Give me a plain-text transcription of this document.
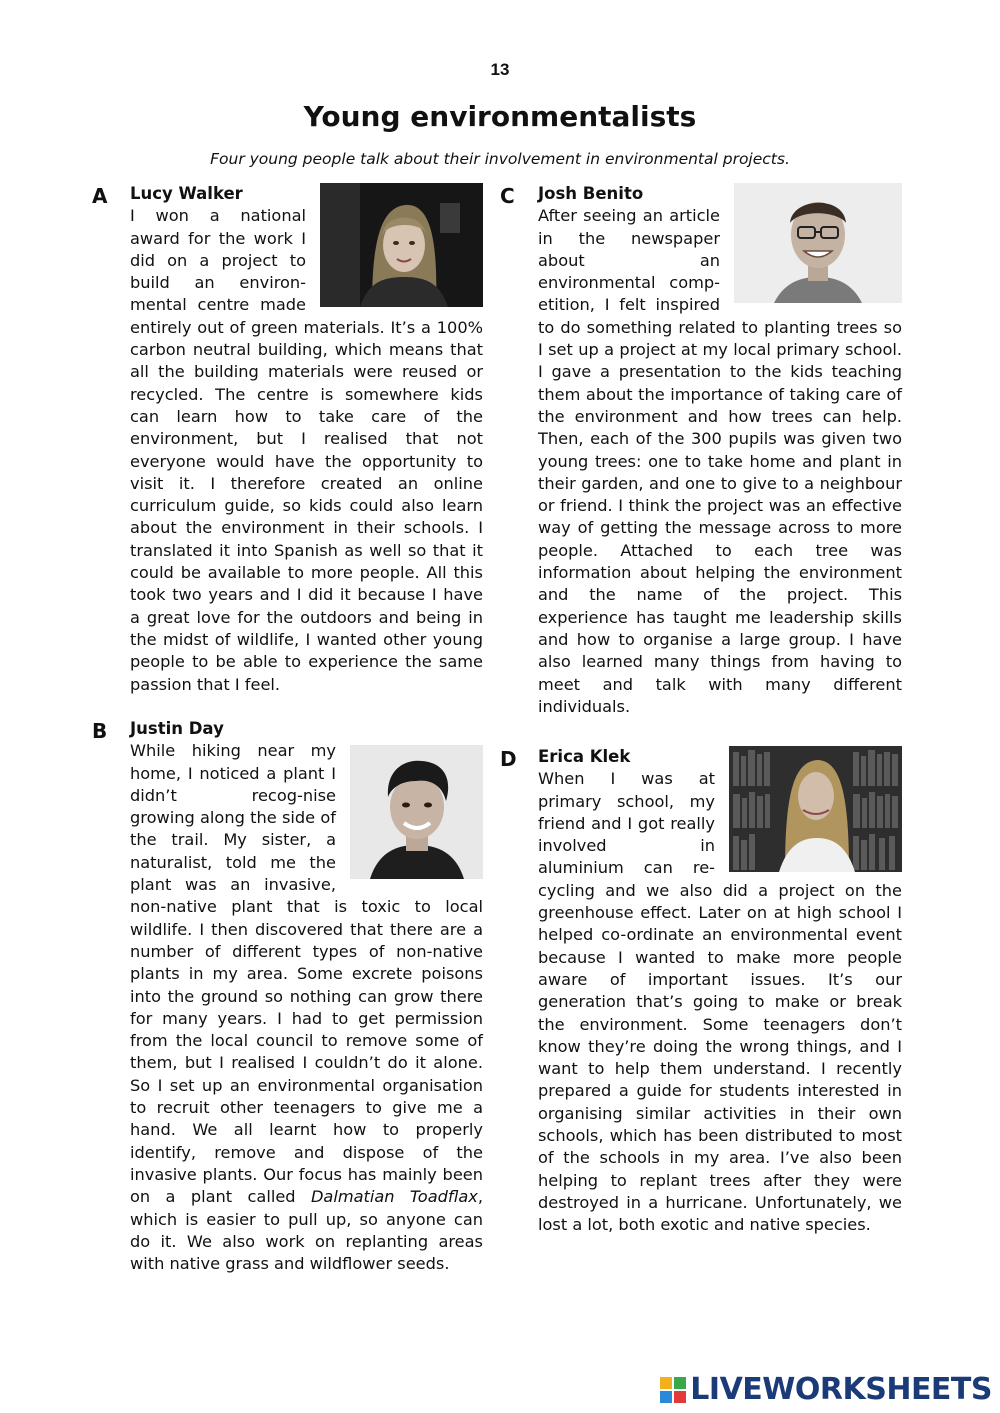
13
Young environmentalists

Four young people talk about their involvement in environmental projects.

A Lucy Walker

I won a national award for the work I did on a project to build an environ-mental centre made entirely out of green materials. It’s a 100% carbon neutral building, which means that all the building materials were reused or recycled. The centre is somewhere kids can learn how to take care of the environment, but I realised that not everyone would have the opportunity to visit it. I therefore created an online curriculum guide, so kids could also learn about the environment in their schools. I translated it into Spanish as well so that it could be available to more people. All this took two years and I did it because I have a great love for the outdoors and being in the midst of wildlife, I wanted other young people to be able to experience the same passion that I feel.

B Justin Day

While hiking near my home, I noticed a plant I didn’t recog-nise growing along the side of the trail. My sister, a naturalist, told me the plant was an invasive, non-native plant that is toxic to local wildlife. I then discovered that there are a number of different types of non-native plants in my area. Some excrete poisons into the ground so nothing can grow there for many years. I had to get permission from the local council to remove some of them, but I realised I couldn’t do it alone. So I set up an environmental organisation to recruit other teenagers to give me a hand. We all learnt how to properly identify, remove and dispose of the invasive plants. Our focus has mainly been on a plant called Dalmatian Toadflax, which is easier to pull up, so anyone can do it. We also work on replanting areas with native grass and wildflower seeds.

C Josh Benito

After seeing an article in the newspaper about an environmental comp-etition, I felt inspired to do something related to planting trees so I set up a project at my local primary school. I gave a presentation to the kids teaching them about the importance of taking care of the environment and how trees can help. Then, each of the 300 pupils was given two young trees: one to take home and plant in their garden, and one to give to a neighbour or friend. I think the project was an effective way of getting the message across to more people. Attached to each tree was information about helping the environment and the name of the project. This experience has taught me leadership skills and how to organise a large group. I have also learned many things from having to meet and talk with many different individuals.

D Erica Klek

When I was at primary school, my friend and I got really involved in aluminium can re-cycling and we also did a project on the greenhouse effect. Later on at high school I helped co-ordinate an environmental event because I wanted to make more people aware of important issues. It’s our generation that’s going to make or break the environment. Some teenagers don’t know they’re doing the wrong things, and I want to help them understand. I recently prepared a guide for students interested in organising similar activities in their own schools, which has been distributed to most of the schools in my area. I’ve also been helping to replant trees after they were destroyed in a hurricane. Unfortunately, we lost a lot, both exotic and native species.

LIVEWORKSHEETS
